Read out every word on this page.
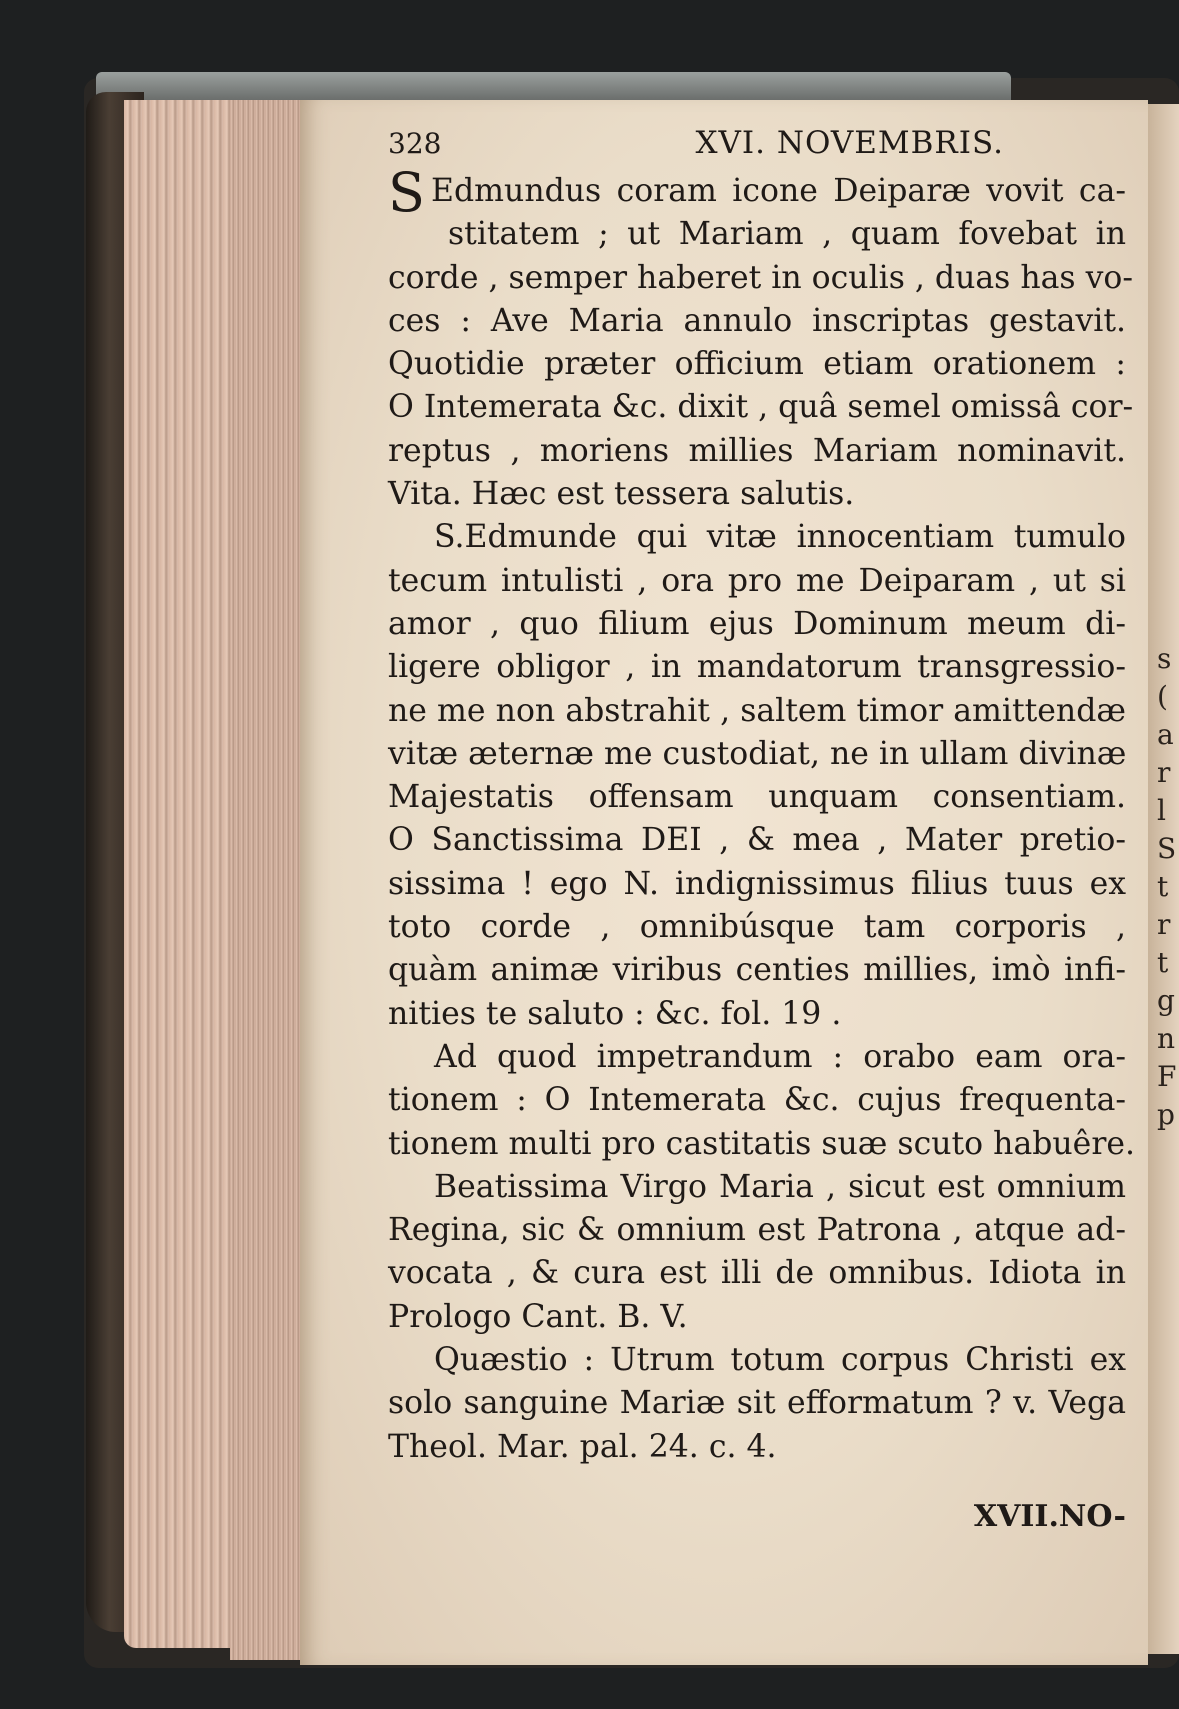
s
(
a
r
l
S
t
r
t
g
n
F
p
328	XVI. NOVEMBRIS.
S Edmundus coram icone Deiparæ vovit ca-
stitatem ; ut Mariam , quam fovebat in
corde , semper haberet in oculis , duas has vo-
ces : Ave Maria annulo inscriptas gestavit.
Quotidie præter officium etiam orationem :
O Intemerata &c. dixit , quâ semel omissâ cor-
reptus , moriens millies Mariam nominavit.
Vita. Hæc est tessera salutis.
S.Edmunde qui vitæ innocentiam tumulo
tecum intulisti , ora pro me Deiparam , ut si
amor , quo filium ejus Dominum meum di-
ligere obligor , in mandatorum transgressio-
ne me non abstrahit , saltem timor amittendæ
vitæ æternæ me custodiat, ne in ullam divinæ
Majestatis offensam unquam consentiam.
O Sanctissima DEI , & mea , Mater pretio-
sissima ! ego N. indignissimus filius tuus ex
toto corde , omnibúsque tam corporis ,
quàm animæ viribus centies millies, imò infi-
nities te saluto : &c. fol. 19 .
Ad quod impetrandum : orabo eam ora-
tionem : O Intemerata &c. cujus frequenta-
tionem multi pro castitatis suæ scuto habuêre.
Beatissima Virgo Maria , sicut est omnium
Regina, sic & omnium est Patrona , atque ad-
vocata , & cura est illi de omnibus. Idiota in
Prologo Cant. B. V.
Quæstio : Utrum totum corpus Christi ex
solo sanguine Mariæ sit efformatum ? v. Vega
Theol. Mar. pal. 24. c. 4.
XVII.NO-
